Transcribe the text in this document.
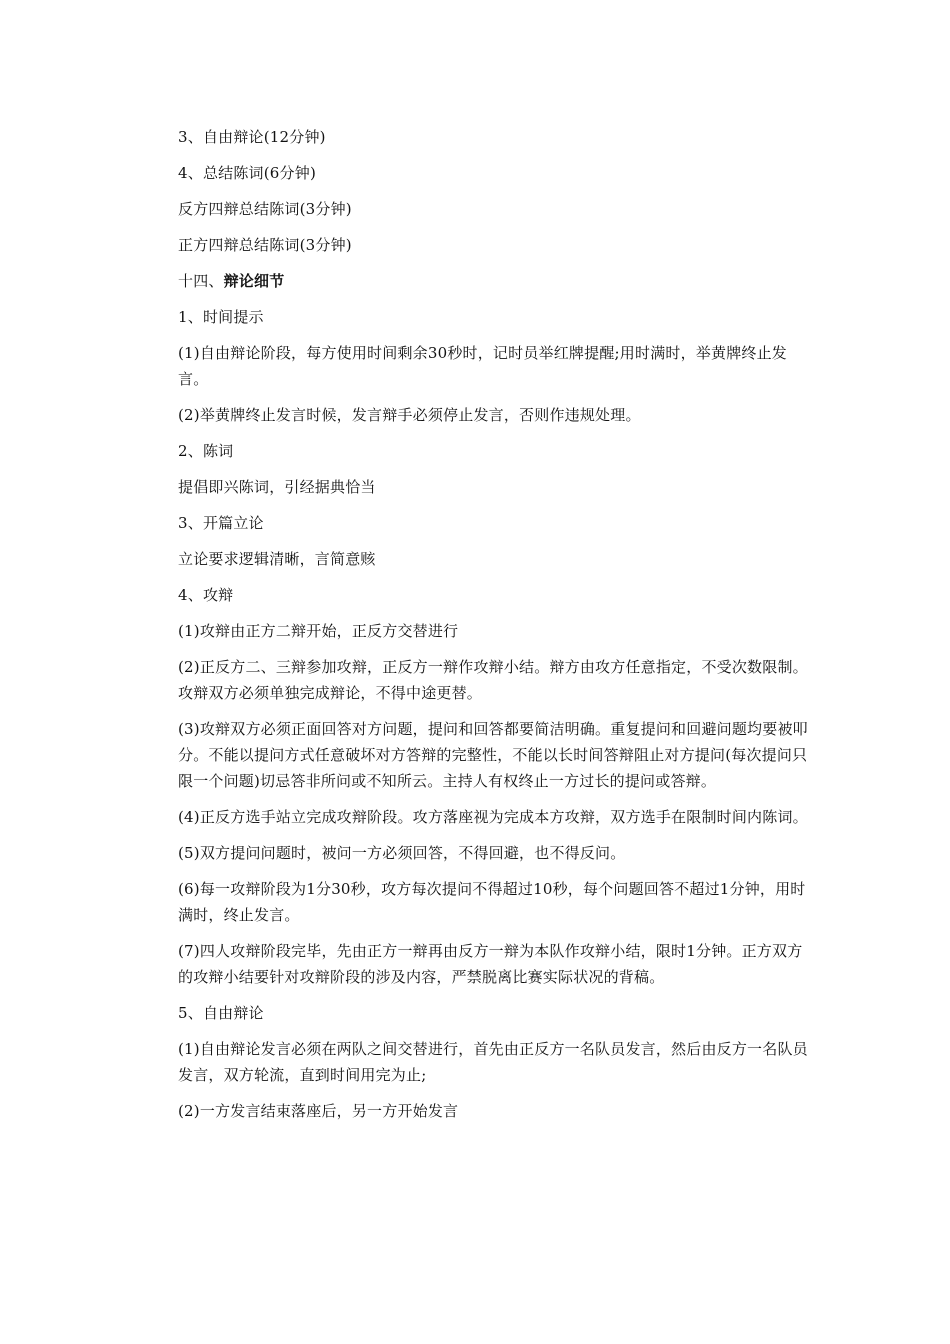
3、自由辩论(12分钟)

4、总结陈词(6分钟)

反方四辩总结陈词(3分钟)

正方四辩总结陈词(3分钟)

十四、辩论细节

1、时间提示

(1)自由辩论阶段，每方使用时间剩余30秒时，记时员举红牌提醒;用时满时，举黄牌终止发言。

(2)举黄牌终止发言时候，发言辩手必须停止发言，否则作违规处理。

2、陈词

提倡即兴陈词，引经据典恰当

3、开篇立论

立论要求逻辑清晰，言简意赅

4、攻辩

(1)攻辩由正方二辩开始，正反方交替进行

(2)正反方二、三辩参加攻辩，正反方一辩作攻辩小结。辩方由攻方任意指定，不受次数限制。攻辩双方必须单独完成辩论，不得中途更替。

(3)攻辩双方必须正面回答对方问题，提问和回答都要简洁明确。重复提问和回避问题均要被叩分。不能以提问方式任意破坏对方答辩的完整性，不能以长时间答辩阻止对方提问(每次提问只限一个问题)切忌答非所问或不知所云。主持人有权终止一方过长的提问或答辩。

(4)正反方选手站立完成攻辩阶段。攻方落座视为完成本方攻辩，双方选手在限制时间内陈词。

(5)双方提问问题时，被问一方必须回答，不得回避，也不得反问。

(6)每一攻辩阶段为1分30秒，攻方每次提问不得超过10秒，每个问题回答不超过1分钟，用时满时，终止发言。

(7)四人攻辩阶段完毕，先由正方一辩再由反方一辩为本队作攻辩小结，限时1分钟。正方双方的攻辩小结要针对攻辩阶段的涉及内容，严禁脱离比赛实际状况的背稿。

5、自由辩论

(1)自由辩论发言必须在两队之间交替进行，首先由正反方一名队员发言，然后由反方一名队员发言，双方轮流，直到时间用完为止;

(2)一方发言结束落座后，另一方开始发言
